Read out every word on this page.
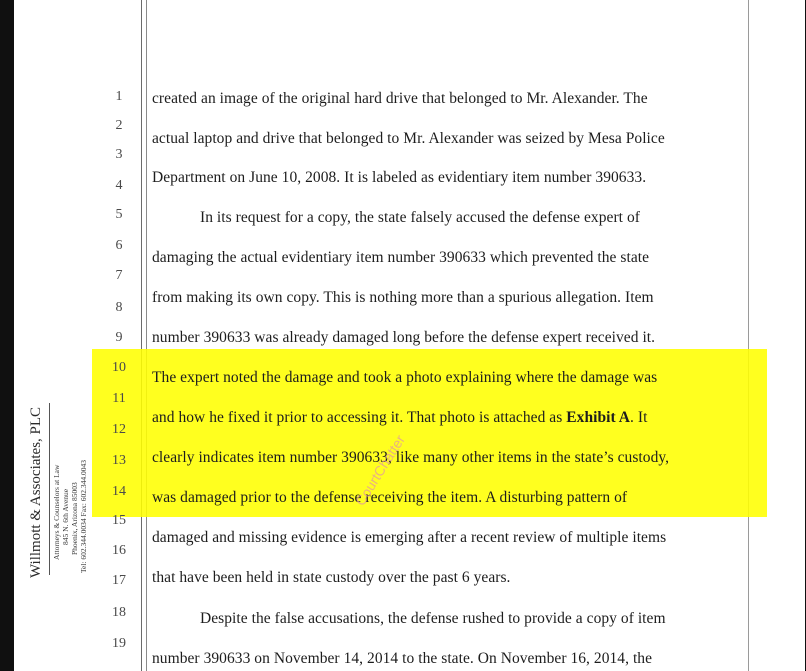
1
2
3
4
5
6
7
8
9
10
11
12
13
14
15
16
17
18
19
created an image of the original hard drive that belonged to Mr. Alexander. The
actual laptop and drive that belonged to Mr. Alexander was seized by Mesa Police
Department on June 10, 2008. It is labeled as evidentiary item number 390633.
In its request for a copy, the state falsely accused the defense expert of
damaging the actual evidentiary item number 390633 which prevented the state
from making its own copy. This is nothing more than a spurious allegation. Item
number 390633 was already damaged long before the defense expert received it.
The expert noted the damage and took a photo explaining where the damage was
and how he fixed it prior to accessing it. That photo is attached as Exhibit A. It
clearly indicates item number 390633, like many other items in the state’s custody,
was damaged prior to the defense receiving the item. A disturbing pattern of
damaged and missing evidence is emerging after a recent review of multiple items
that have been held in state custody over the past 6 years.
Despite the false accusations, the defense rushed to provide a copy of item
number 390633 on November 14, 2014 to the state. On November 16, 2014, the
CourtChatter
Willmott & Associates, PLC Attorneys & Counselors at Law 845 N. 6th Avenue Phoenix, Arizona 85003 Tel: 602.344.0034 Fax: 602.344.0043
